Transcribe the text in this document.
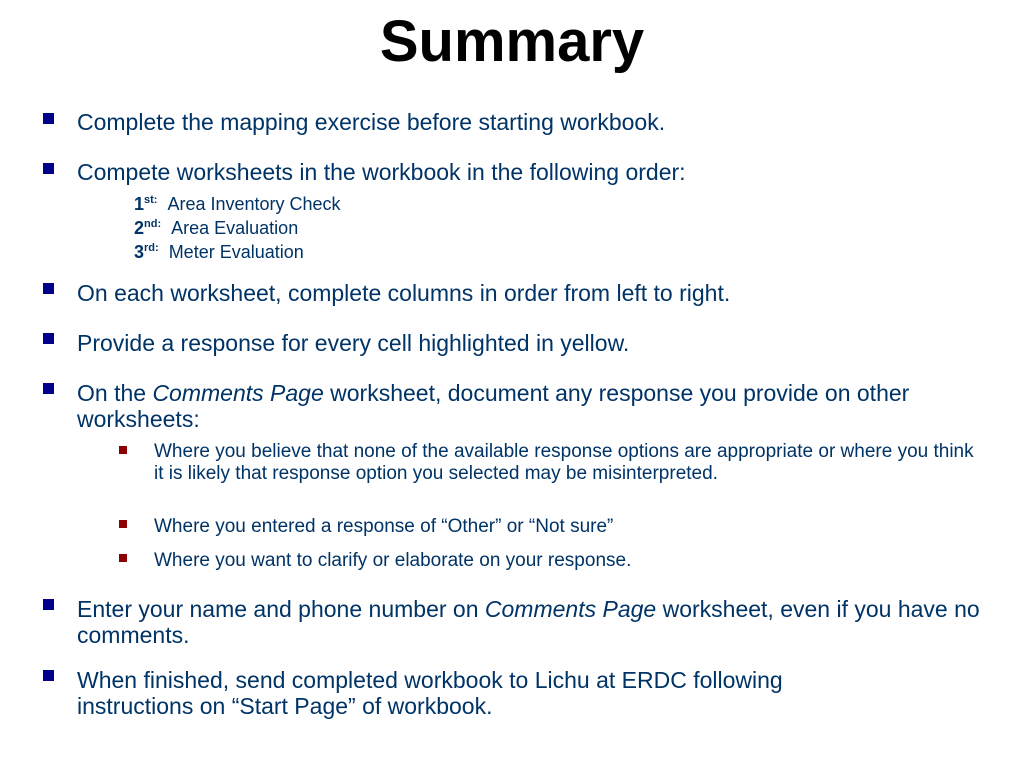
Summary
Complete the mapping exercise before starting workbook.
Compete worksheets in the workbook in the following order:
$1^{st:}$ Area Inventory Check
$2^{nd:}$ Area Evaluation
$3^{rd:}$ Meter Evaluation
On each worksheet, complete columns in order from left to right.
Provide a response for every cell highlighted in yellow.
On the Comments Page worksheet, document any response you provide on other worksheets:
Where you believe that none of the available response options are appropriate or where you think it is likely that response option you selected may be misinterpreted.
Where you entered a response of “Other” or “Not sure”
Where you want to clarify or elaborate on your response.
Enter your name and phone number on Comments Page worksheet, even if you have no comments.
When finished, send completed workbook to Lichu at ERDC following instructions on “Start Page” of workbook.
